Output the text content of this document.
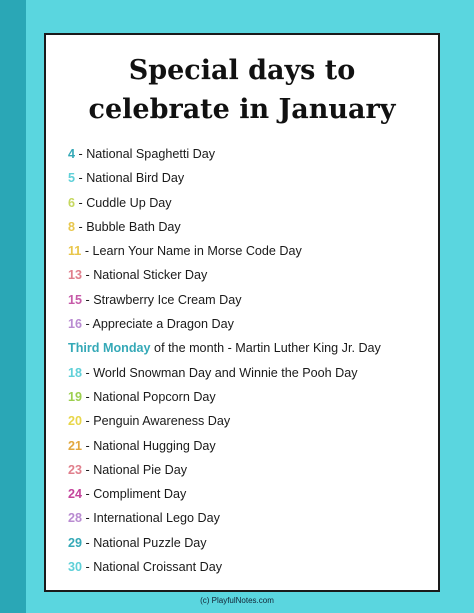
Special days to
celebrate in January
4 - National Spaghetti Day
5 - National Bird Day
6 - Cuddle Up Day
8 - Bubble Bath Day
11 - Learn Your Name in Morse Code Day
13 - National Sticker Day
15 - Strawberry Ice Cream Day
16 - Appreciate a Dragon Day
Third Monday of the month - Martin Luther King Jr. Day
18 - World Snowman Day and Winnie the Pooh Day
19 - National Popcorn Day
20 - Penguin Awareness Day
21 - National Hugging Day
23 - National Pie Day
24 - Compliment Day
28 - International Lego Day
29 - National Puzzle Day
30 - National Croissant Day
(c) PlayfulNotes.com
